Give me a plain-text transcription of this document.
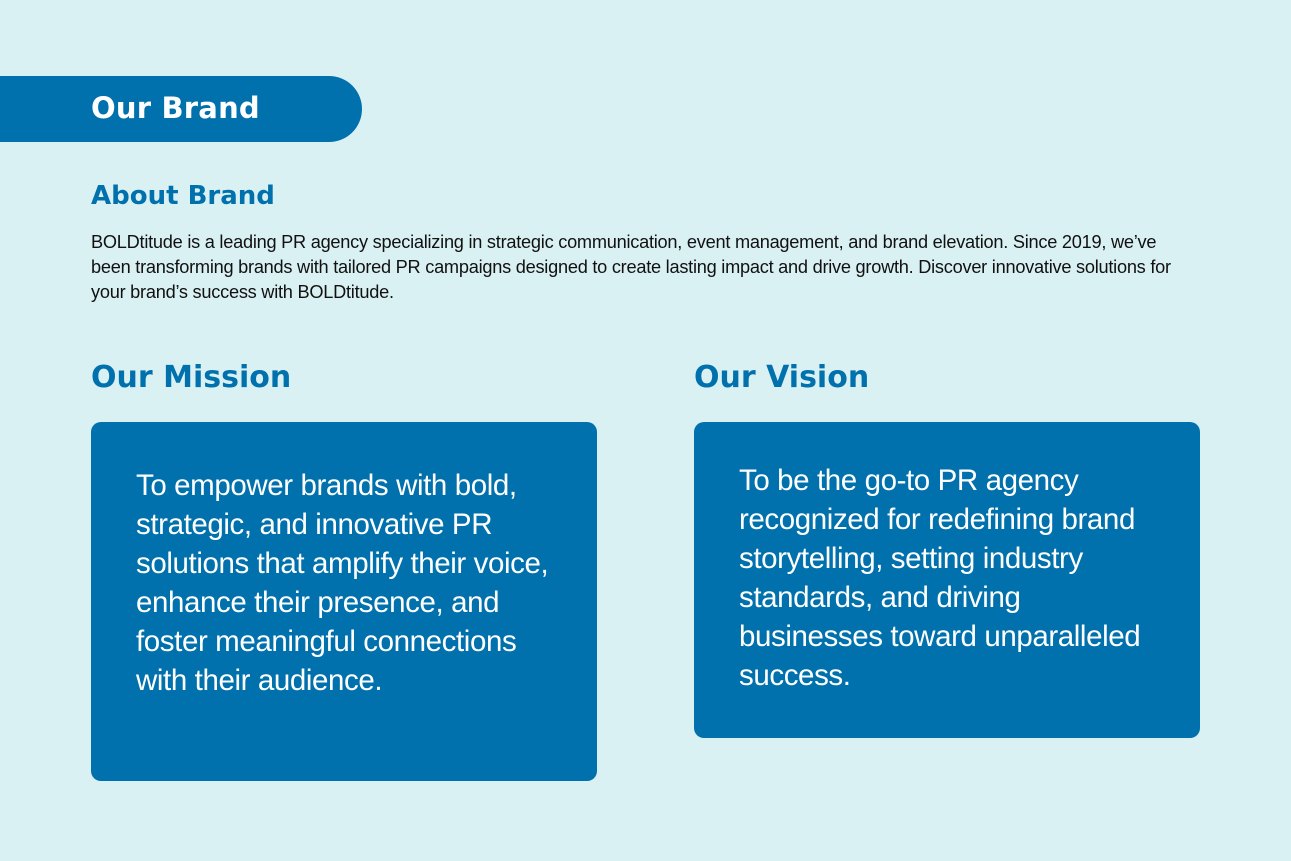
Our Brand
About Brand

BOLDtitude is a leading PR agency specializing in strategic communication, event management, and brand elevation. Since 2019, we’ve been transforming brands with tailored PR campaigns designed to create lasting impact and drive growth. Discover innovative solutions for your brand’s success with BOLDtitude.

Our Mission

To empower brands with bold, strategic, and innovative PR solutions that amplify their voice, enhance their presence, and foster meaningful connections with their audience.

Our Vision

To be the go-to PR agency recognized for redefining brand storytelling, setting industry standards, and driving businesses toward unparalleled success.
